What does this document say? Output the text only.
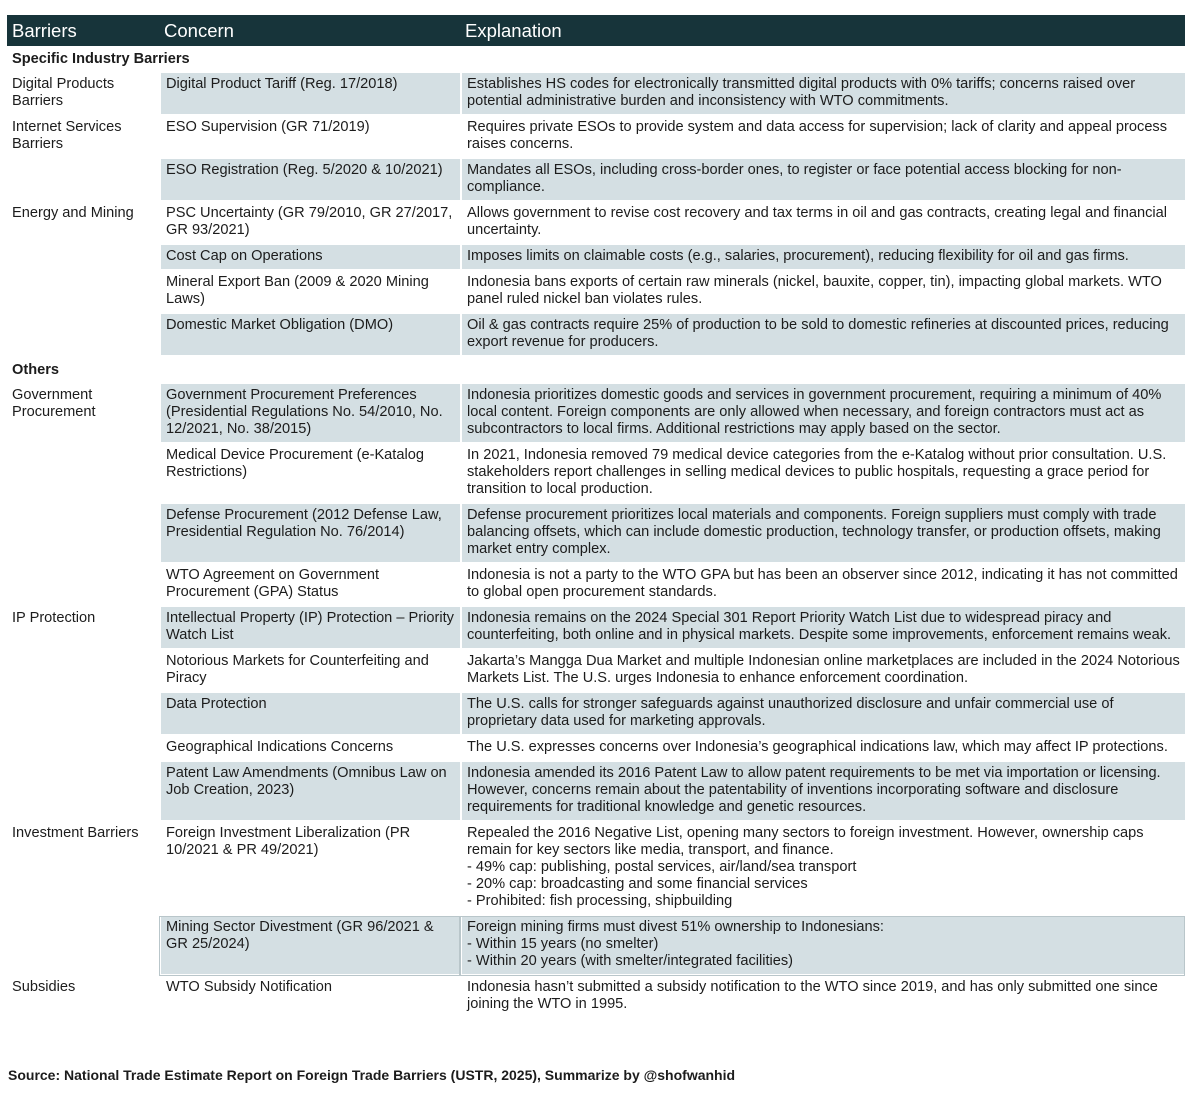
Barriers	Concern	Explanation
Specific Industry Barriers		
Digital Products Barriers	Digital Product Tariff (Reg. 17/2018)	Establishes HS codes for electronically transmitted digital products with 0% tariffs; concerns raised over potential administrative burden and inconsistency with WTO commitments.

Internet Services Barriers	ESO Supervision (GR 71/2019)	Requires private ESOs to provide system and data access for supervision; lack of clarity and appeal process raises concerns.

	ESO Registration (Reg. 5/2020 & 10/2021)	Mandates all ESOs, including cross-border ones, to register or face potential access blocking for non-compliance.

Energy and Mining	PSC Uncertainty (GR 79/2010, GR 27/2017, GR 93/2021)	Allows government to revise cost recovery and tax terms in oil and gas contracts, creating legal and financial uncertainty.

	Cost Cap on Operations	Imposes limits on claimable costs (e.g., salaries, procurement), reducing flexibility for oil and gas firms.

	Mineral Export Ban (2009 & 2020 Mining Laws)	Indonesia bans exports of certain raw minerals (nickel, bauxite, copper, tin), impacting global markets. WTO panel ruled nickel ban violates rules.

	Domestic Market Obligation (DMO)	Oil & gas contracts require 25% of production to be sold to domestic refineries at discounted prices, reducing export revenue for producers.

Others		
Government Procurement	Government Procurement Preferences (Presidential Regulations No. 54/2010, No. 12/2021, No. 38/2015)	Indonesia prioritizes domestic goods and services in government procurement, requiring a minimum of 40% local content. Foreign components are only allowed when necessary, and foreign contractors must act as subcontractors to local firms. Additional restrictions may apply based on the sector.

	Medical Device Procurement (e-Katalog Restrictions)	In 2021, Indonesia removed 79 medical device categories from the e-Katalog without prior consultation. U.S. stakeholders report challenges in selling medical devices to public hospitals, requesting a grace period for transition to local production.

	Defense Procurement (2012 Defense Law, Presidential Regulation No. 76/2014)	Defense procurement prioritizes local materials and components. Foreign suppliers must comply with trade balancing offsets, which can include domestic production, technology transfer, or production offsets, making market entry complex.

	WTO Agreement on Government Procurement (GPA) Status	Indonesia is not a party to the WTO GPA but has been an observer since 2012, indicating it has not committed to global open procurement standards.

IP Protection	Intellectual Property (IP) Protection – Priority Watch List	Indonesia remains on the 2024 Special 301 Report Priority Watch List due to widespread piracy and counterfeiting, both online and in physical markets. Despite some improvements, enforcement remains weak.

	Notorious Markets for Counterfeiting and Piracy	Jakarta’s Mangga Dua Market and multiple Indonesian online marketplaces are included in the 2024 Notorious Markets List. The U.S. urges Indonesia to enhance enforcement coordination.

	Data Protection	The U.S. calls for stronger safeguards against unauthorized disclosure and unfair commercial use of proprietary data used for marketing approvals.

	Geographical Indications Concerns	The U.S. expresses concerns over Indonesia’s geographical indications law, which may affect IP protections.

	Patent Law Amendments (Omnibus Law on Job Creation, 2023)	Indonesia amended its 2016 Patent Law to allow patent requirements to be met via importation or licensing. However, concerns remain about the patentability of inventions incorporating software and disclosure requirements for traditional knowledge and genetic resources.

Investment Barriers	Foreign Investment Liberalization (PR 10/2021 & PR 49/2021)	Repealed the 2016 Negative List, opening many sectors to foreign investment. However, ownership caps remain for key sectors like media, transport, and finance.
- 49% cap: publishing, postal services, air/land/sea transport
- 20% cap: broadcasting and some financial services
- Prohibited: fish processing, shipbuilding

	Mining Sector Divestment (GR 96/2021 & GR 25/2024)	Foreign mining firms must divest 51% ownership to Indonesians:
- Within 15 years (no smelter)
- Within 20 years (with smelter/integrated facilities)

Subsidies	WTO Subsidy Notification	Indonesia hasn’t submitted a subsidy notification to the WTO since 2019, and has only submitted one since joining the WTO in 1995.
Source: National Trade Estimate Report on Foreign Trade Barriers (USTR, 2025), Summarize by @shofwanhid
